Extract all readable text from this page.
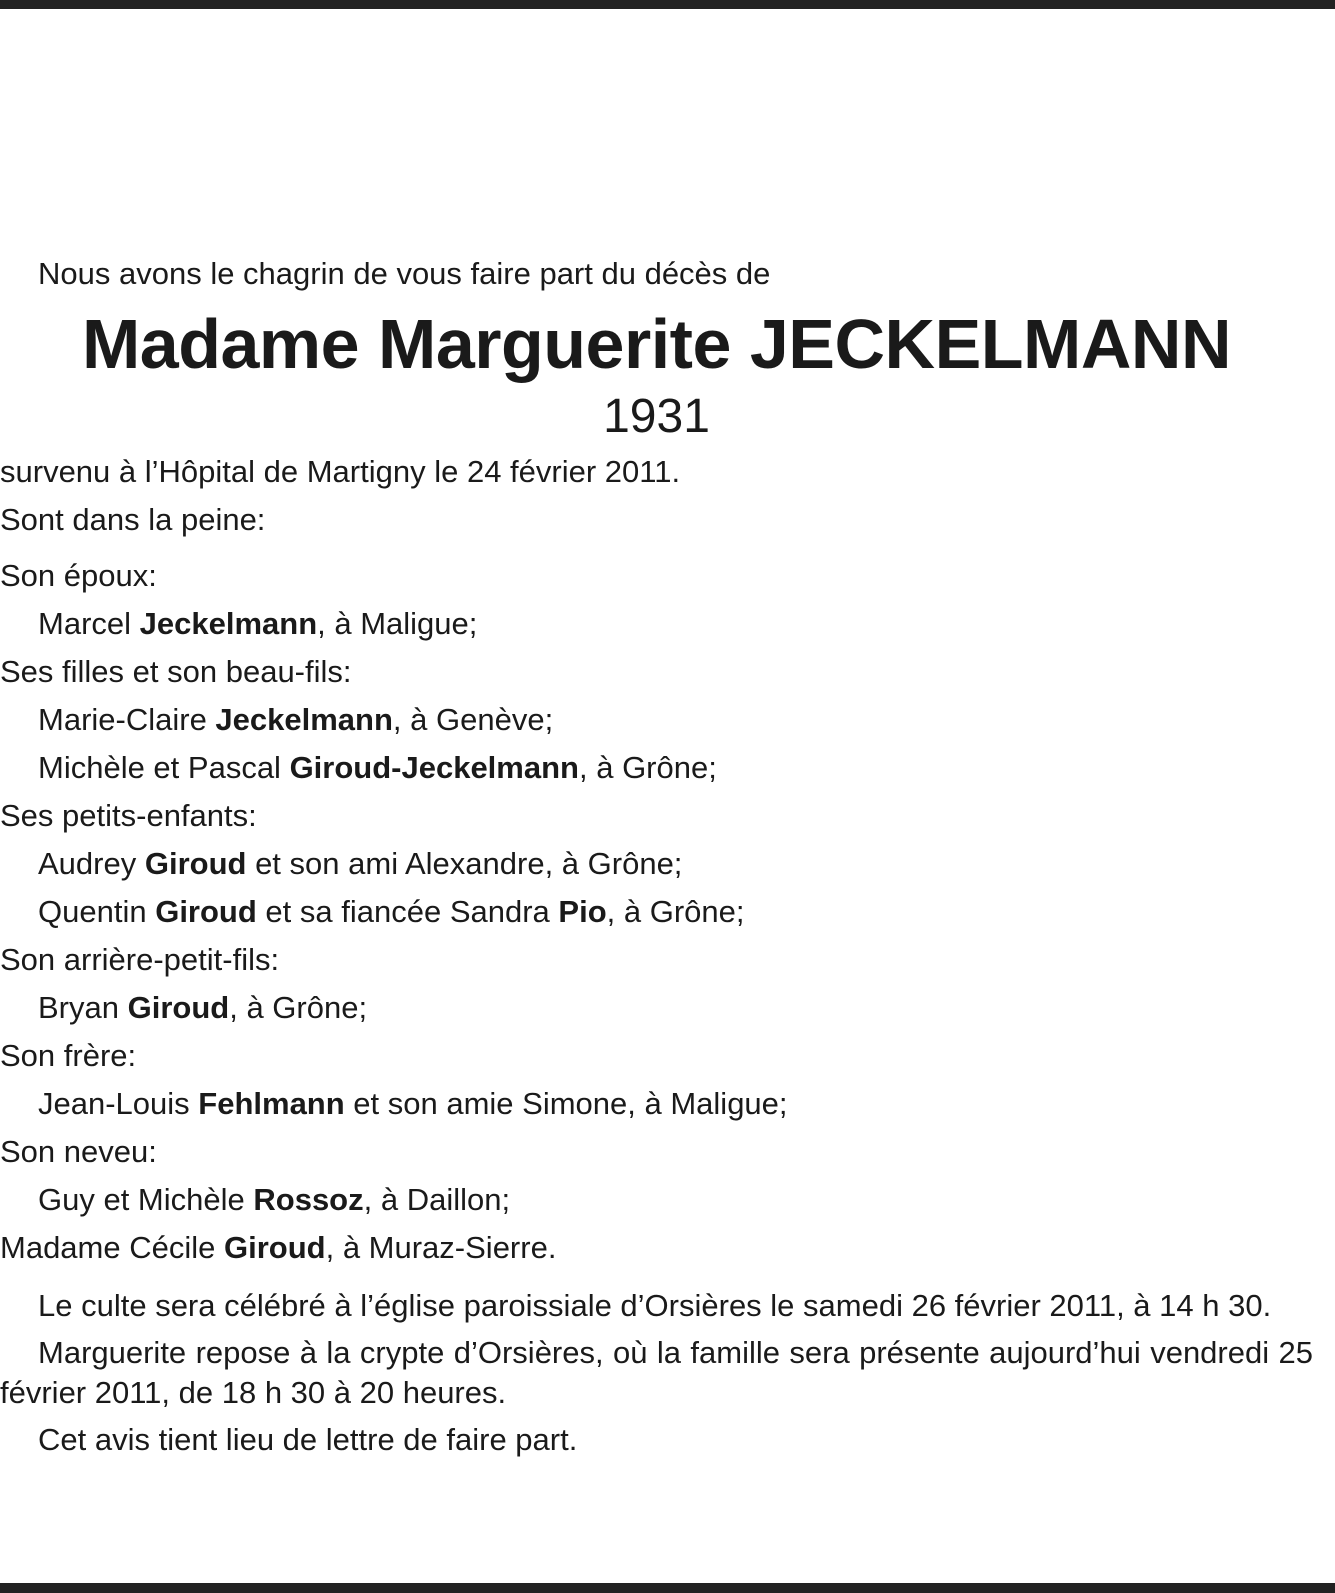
Nous avons le chagrin de vous faire part du décès de
Madame Marguerite JECKELMANN
1931
survenu à l’Hôpital de Martigny le 24 février 2011.
Sont dans la peine:
Son époux:
Marcel Jeckelmann, à Maligue;
Ses filles et son beau-fils:
Marie-Claire Jeckelmann, à Genève;
Michèle et Pascal Giroud-Jeckelmann, à Grône;
Ses petits-enfants:
Audrey Giroud et son ami Alexandre, à Grône;
Quentin Giroud et sa fiancée Sandra Pio, à Grône;
Son arrière-petit-fils:
Bryan Giroud, à Grône;
Son frère:
Jean-Louis Fehlmann et son amie Simone, à Maligue;
Son neveu:
Guy et Michèle Rossoz, à Daillon;
Madame Cécile Giroud, à Muraz-Sierre.
Le culte sera célébré à l’église paroissiale d’Orsières le samedi 26 février 2011, à 14 h 30.
Marguerite repose à la crypte d’Orsières, où la famille sera présente aujourd’hui vendredi 25 février 2011, de 18 h 30 à 20 heures.
Cet avis tient lieu de lettre de faire part.
